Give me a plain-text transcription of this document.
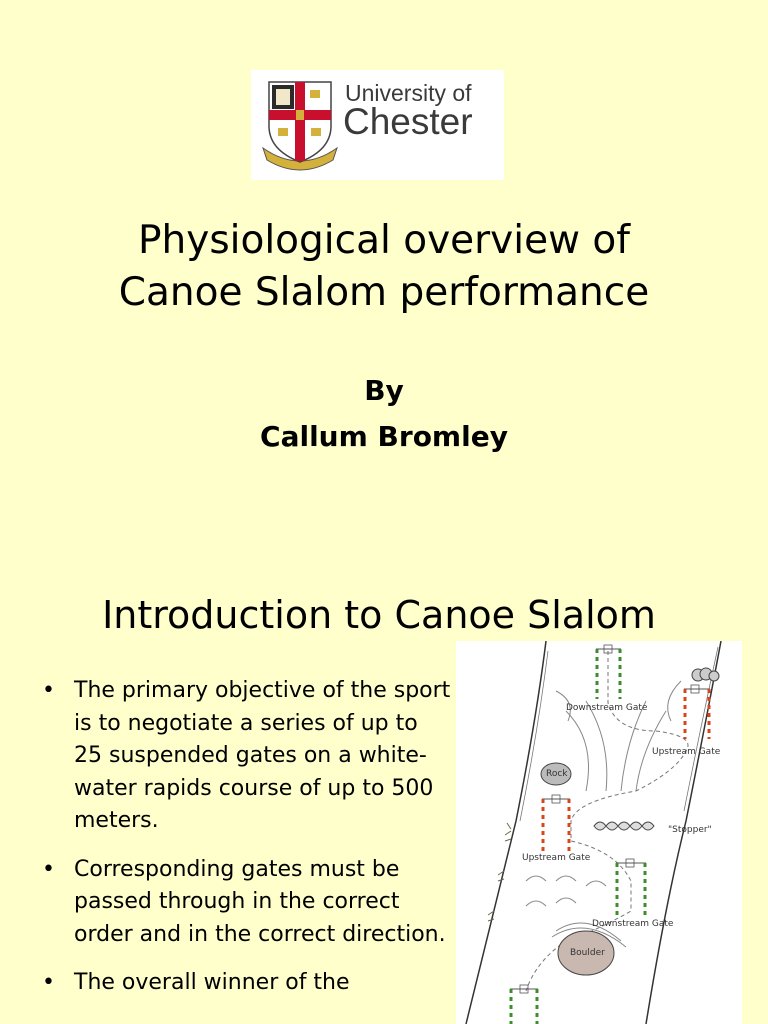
University of
Chester
Physiological overview of
Canoe Slalom performance
By
Callum Bromley
Introduction to Canoe Slalom
• The primary objective of the sport is to negotiate a series of up to 25 suspended gates on a white-water rapids course of up to 500 meters.
• Corresponding gates must be passed through in the correct order and in the correct direction.
• The overall winner of the
Downstream Gate
Upstream Gate
Rock
"Stopper"
Upstream Gate
Downstream Gate
Boulder
